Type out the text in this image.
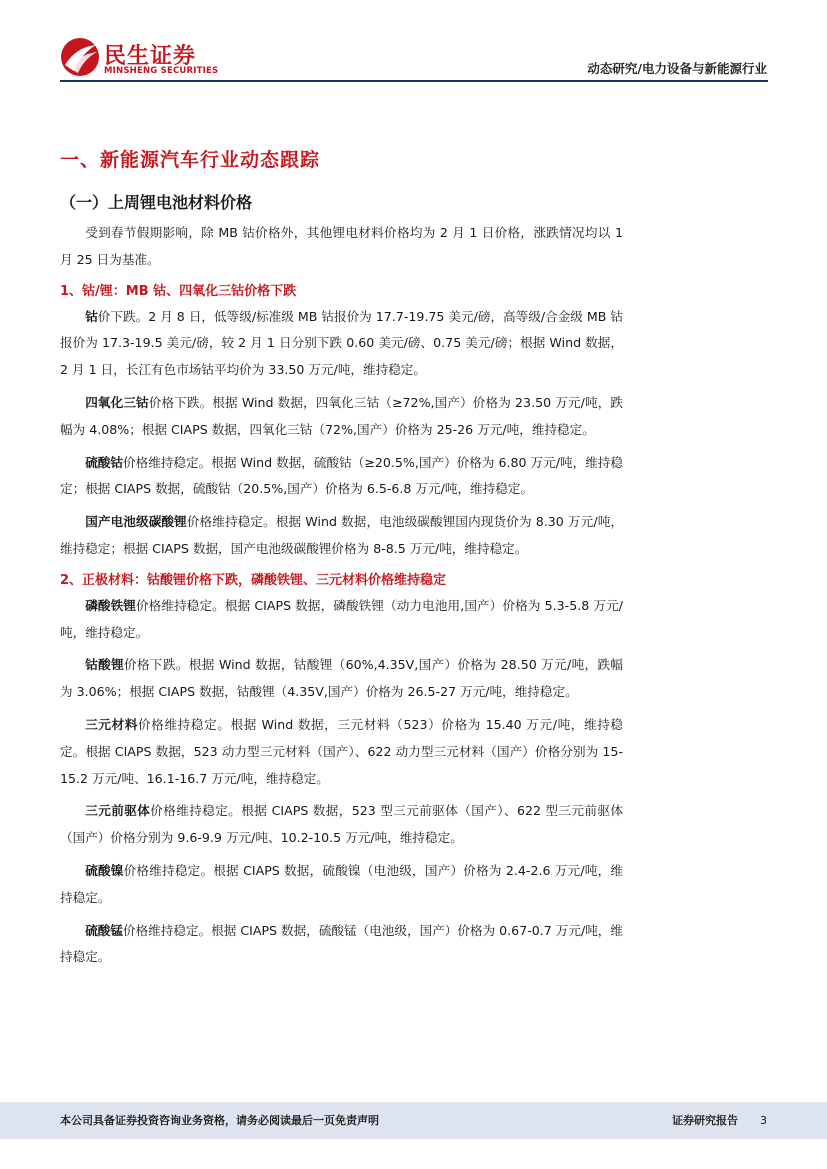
民生证券
MINSHENG SECURITIES	动态研究/电力设备与新能源行业
一、新能源汽车行业动态跟踪
（一）上周锂电池材料价格

受到春节假期影响，除 MB 钴价格外，其他锂电材料价格均为 2 月 1 日价格，涨跌情况均以 1 月 25 日为基准。

1、钴/锂：MB 钴、四氧化三钴价格下跌

钴价下跌。2 月 8 日，低等级/标准级 MB 钴报价为 17.7-19.75 美元/磅，高等级/合金级 MB 钴报价为 17.3-19.5 美元/磅，较 2 月 1 日分别下跌 0.60 美元/磅、0.75 美元/磅；根据 Wind 数据，2 月 1 日，长江有色市场钴平均价为 33.50 万元/吨，维持稳定。

四氧化三钴价格下跌。根据 Wind 数据，四氧化三钴（≥72%,国产）价格为 23.50 万元/吨，跌幅为 4.08%；根据 CIAPS 数据，四氧化三钴（72%,国产）价格为 25-26 万元/吨，维持稳定。

硫酸钴价格维持稳定。根据 Wind 数据，硫酸钴（≥20.5%,国产）价格为 6.80 万元/吨，维持稳定；根据 CIAPS 数据，硫酸钴（20.5%,国产）价格为 6.5-6.8 万元/吨，维持稳定。

国产电池级碳酸锂价格维持稳定。根据 Wind 数据，电池级碳酸锂国内现货价为 8.30 万元/吨，维持稳定；根据 CIAPS 数据，国产电池级碳酸锂价格为 8-8.5 万元/吨，维持稳定。

2、正极材料：钴酸锂价格下跌，磷酸铁锂、三元材料价格维持稳定

磷酸铁锂价格维持稳定。根据 CIAPS 数据，磷酸铁锂（动力电池用,国产）价格为 5.3-5.8 万元/吨，维持稳定。

钴酸锂价格下跌。根据 Wind 数据，钴酸锂（60%,4.35V,国产）价格为 28.50 万元/吨，跌幅为 3.06%；根据 CIAPS 数据，钴酸锂（4.35V,国产）价格为 26.5-27 万元/吨，维持稳定。

三元材料价格维持稳定。根据 Wind 数据，三元材料（523）价格为 15.40 万元/吨，维持稳定。根据 CIAPS 数据，523 动力型三元材料（国产）、622 动力型三元材料（国产）价格分别为 15-15.2 万元/吨、16.1-16.7 万元/吨，维持稳定。

三元前驱体价格维持稳定。根据 CIAPS 数据，523 型三元前驱体（国产）、622 型三元前驱体（国产）价格分别为 9.6-9.9 万元/吨、10.2-10.5 万元/吨，维持稳定。

硫酸镍价格维持稳定。根据 CIAPS 数据，硫酸镍（电池级，国产）价格为 2.4-2.6 万元/吨，维持稳定。

硫酸锰价格维持稳定。根据 CIAPS 数据，硫酸锰（电池级，国产）价格为 0.67-0.7 万元/吨，维持稳定。

本公司具备证券投资咨询业务资格，请务必阅读最后一页免责声明	证券研究报告 3
